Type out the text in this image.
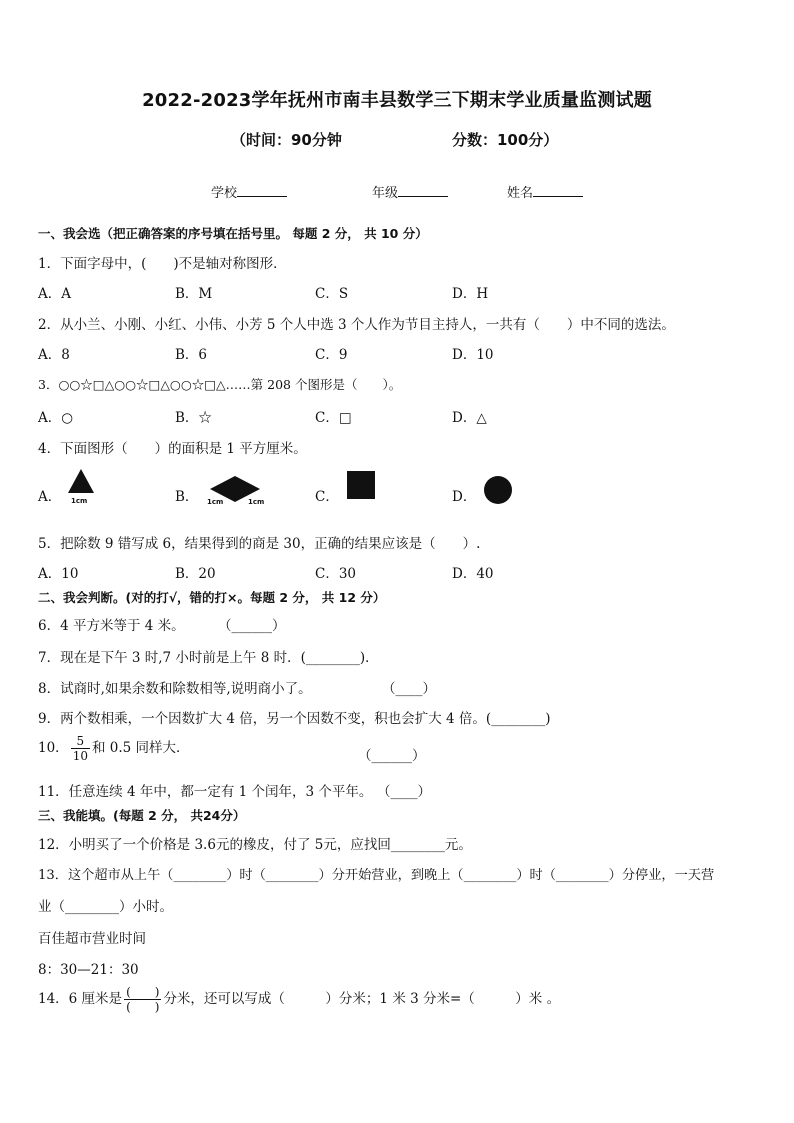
2022-2023学年抚州市南丰县数学三下期末学业质量监测试题
（时间：90分钟	分数：100分）
学校	年级	姓名
一、我会选（把正确答案的序号填在括号里。 每题 2 分， 共 10 分）
1．下面字母中，(　　)不是轴对称图形．
A．A	B．M	C．S	D．H
2．从小兰、小刚、小红、小伟、小芳 5 个人中选 3 个人作为节目主持人，一共有（　　）中不同的选法。
A．8	B．6	C．9	D．10
3．○○☆□△○○☆□△○○☆□△……第 208 个图形是（　　）。
A．○	B．☆	C．□	D．△
4．下面图形（　　）的面积是 1 平方厘米。
A．	B．	C．	D．
1cm	1cm	1cm
5．把除数 9 错写成 6，结果得到的商是 30，正确的结果应该是（　　）.
A．10	B．20	C．30	D．40
二、我会判断。(对的打√，错的打×。每题 2 分， 共 12 分）
6．4 平方米等于 4 米。 （______）
7．现在是下午 3 时,7 小时前是上午 8 时．(________)．
8．试商时,如果余数和除数相等,说明商小了。	（____）
9．两个数相乘，一个因数扩大 4 倍，另一个因数不变，积也会扩大 4 倍。(________)
10． $\frac{5}{10}$ 和 0.5 同样大．	（______）
11．任意连续 4 年中，都一定有 1 个闰年，3 个平年。 （____）
三、我能填。(每题 2 分， 共24分）
12．小明买了一个价格是 3.6元的橡皮，付了 5元，应找回________元。
13．这个超市从上午（________）时（________）分开始营业，到晚上（________）时（________）分停业，一天营
业（________）小时。
百佳超市营业时间
8：30—21：30
14．6 厘米是 $\frac{( )}{( )}$ 分米，还可以写成（　　　）分米；1 米 3 分米=（　　　）米 。
